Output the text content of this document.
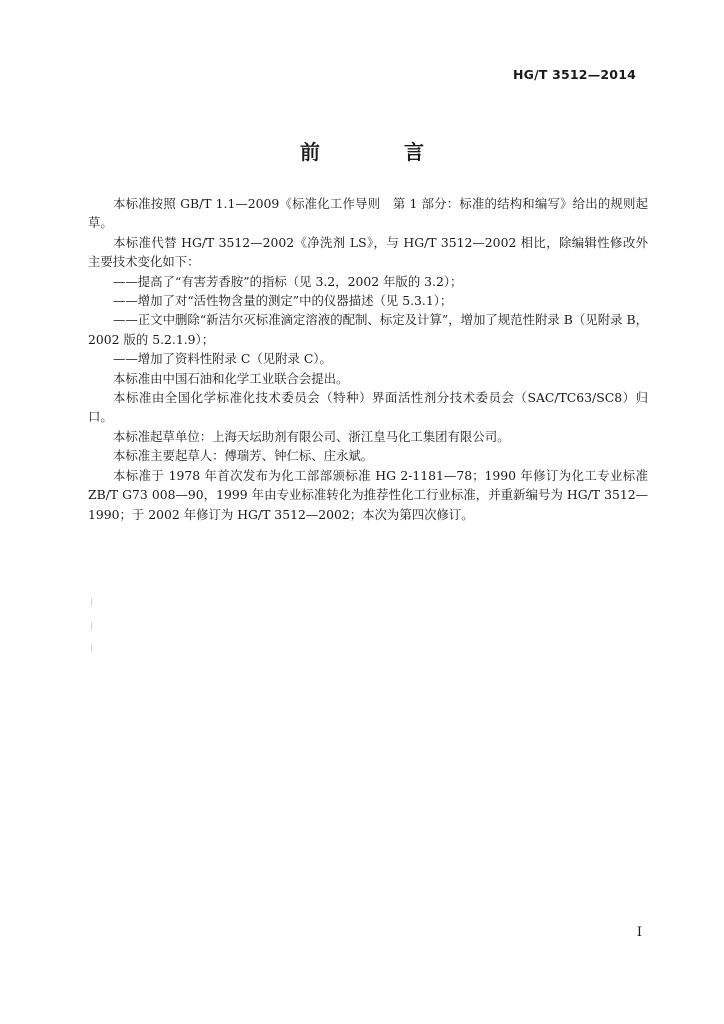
HG/T 3512—2014
前　言

本标准按照 GB/T 1.1—2009《标准化工作导则　第 1 部分：标准的结构和编写》给出的规则起草。

本标准代替 HG/T 3512—2002《净洗剂 LS》，与 HG/T 3512—2002 相比，除编辑性修改外主要技术变化如下：

——提高了“有害芳香胺”的指标（见 3.2，2002 年版的 3.2）；

——增加了对“活性物含量的测定”中的仪器描述（见 5.3.1）；

——正文中删除“新洁尔灭标准滴定溶液的配制、标定及计算”，增加了规范性附录 B（见附录 B，2002 版的 5.2.1.9）；

——增加了资料性附录 C（见附录 C）。

本标准由中国石油和化学工业联合会提出。

本标准由全国化学标准化技术委员会（特种）界面活性剂分技术委员会（SAC/TC63/SC8）归口。

本标准起草单位：上海天坛助剂有限公司、浙江皇马化工集团有限公司。

本标准主要起草人：傅瑞芳、钟仁标、庄永斌。

本标准于 1978 年首次发布为化工部部颁标准 HG 2-1181—78；1990 年修订为化工专业标准 ZB/T G73 008—90，1999 年由专业标准转化为推荐性化工行业标准，并重新编号为 HG/T 3512—1990；于 2002 年修订为 HG/T 3512—2002；本次为第四次修订。

I
